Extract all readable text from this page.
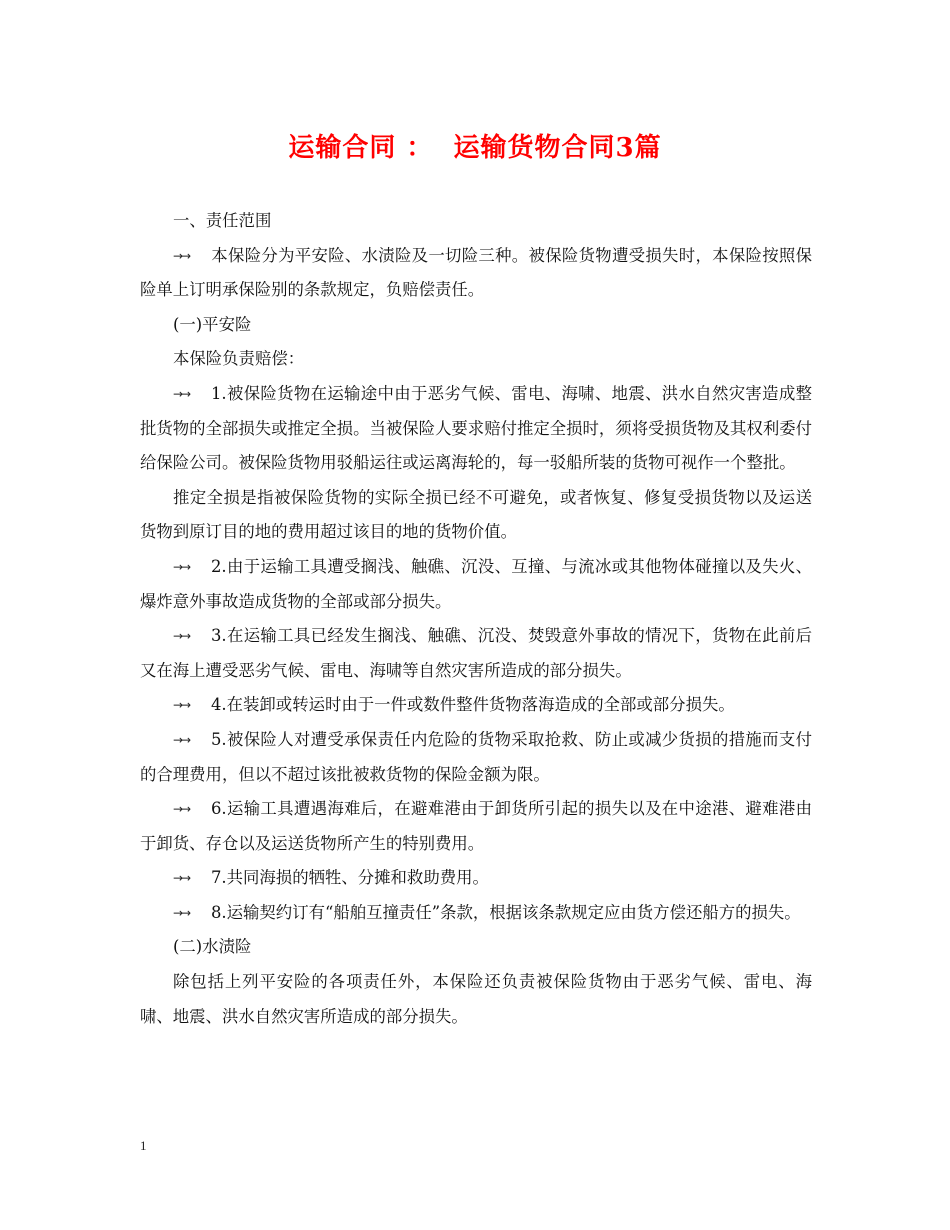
运输合同 ：  运输货物合同3篇

一、责任范围

→→ 本保险分为平安险、水渍险及一切险三种。被保险货物遭受损失时，本保险按照保险单上订明承保险别的条款规定，负赔偿责任。

(一)平安险

本保险负责赔偿：

→→ 1.被保险货物在运输途中由于恶劣气候、雷电、海啸、地震、洪水自然灾害造成整批货物的全部损失或推定全损。当被保险人要求赔付推定全损时，须将受损货物及其权利委付给保险公司。被保险货物用驳船运往或运离海轮的，每一驳船所装的货物可视作一个整批。

推定全损是指被保险货物的实际全损已经不可避免，或者恢复、修复受损货物以及运送货物到原订目的地的费用超过该目的地的货物价值。

→→ 2.由于运输工具遭受搁浅、触礁、沉没、互撞、与流冰或其他物体碰撞以及失火、爆炸意外事故造成货物的全部或部分损失。

→→ 3.在运输工具已经发生搁浅、触礁、沉没、焚毁意外事故的情况下，货物在此前后又在海上遭受恶劣气候、雷电、海啸等自然灾害所造成的部分损失。

→→ 4.在装卸或转运时由于一件或数件整件货物落海造成的全部或部分损失。

→→ 5.被保险人对遭受承保责任内危险的货物采取抢救、防止或减少货损的措施而支付的合理费用，但以不超过该批被救货物的保险金额为限。

→→ 6.运输工具遭遇海难后，在避难港由于卸货所引起的损失以及在中途港、避难港由于卸货、存仓以及运送货物所产生的特别费用。

→→ 7.共同海损的牺牲、分摊和救助费用。

→→ 8.运输契约订有“船舶互撞责任”条款，根据该条款规定应由货方偿还船方的损失。

(二)水渍险

除包括上列平安险的各项责任外，本保险还负责被保险货物由于恶劣气候、雷电、海啸、地震、洪水自然灾害所造成的部分损失。

1
